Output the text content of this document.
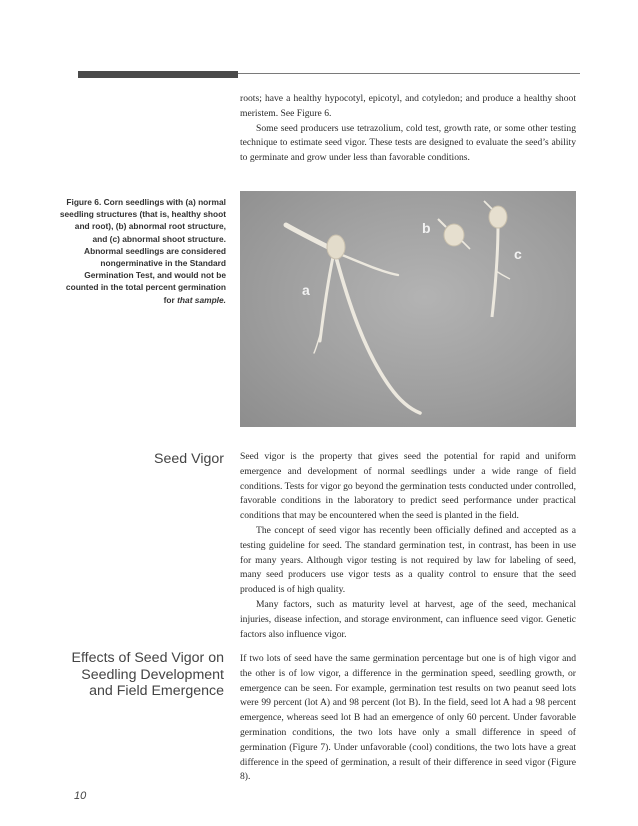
roots; have a healthy hypocotyl, epicotyl, and cotyledon; and produce a healthy shoot meristem. See Figure 6.

Some seed producers use tetrazolium, cold test, growth rate, or some other testing technique to estimate seed vigor. These tests are designed to evaluate the seed’s ability to germinate and grow under less than favorable conditions.

Figure 6. Corn seedlings with (a) normal seedling structures (that is, healthy shoot and root), (b) abnormal root structure, and (c) abnormal shoot structure. Abnormal seedlings are considered nongerminative in the Standard Germination Test, and would not be counted in the total percent germination for that sample.
a
b
c
Seed Vigor Seed vigor is the property that gives seed the potential for rapid and uniform emergence and development of normal seedlings under a wide range of field conditions. Tests for vigor go beyond the germination tests conducted under controlled, favorable conditions in the laboratory to predict seed performance under practical conditions that may be encountered when the seed is planted in the field.

The concept of seed vigor has recently been officially defined and accepted as a testing guideline for seed. The standard germination test, in contrast, has been in use for many years. Although vigor testing is not required by law for labeling of seed, many seed producers use vigor tests as a quality control to ensure that the seed produced is of high quality.

Many factors, such as maturity level at harvest, age of the seed, mechanical injuries, disease infection, and storage environment, can influence seed vigor. Genetic factors also influence vigor.

Effects of Seed Vigor on Seedling Development and Field Emergence

If two lots of seed have the same germination percentage but one is of high vigor and the other is of low vigor, a difference in the germination speed, seedling growth, or emergence can be seen. For example, germination test results on two peanut seed lots were 99 percent (lot A) and 98 percent (lot B). In the field, seed lot A had a 98 percent emergence, whereas seed lot B had an emergence of only 60 percent. Under favorable germination conditions, the two lots have only a small difference in speed of germination (Figure 7). Under unfavorable (cool) conditions, the two lots have a great difference in the speed of germination, a result of their difference in seed vigor (Figure 8).

10
